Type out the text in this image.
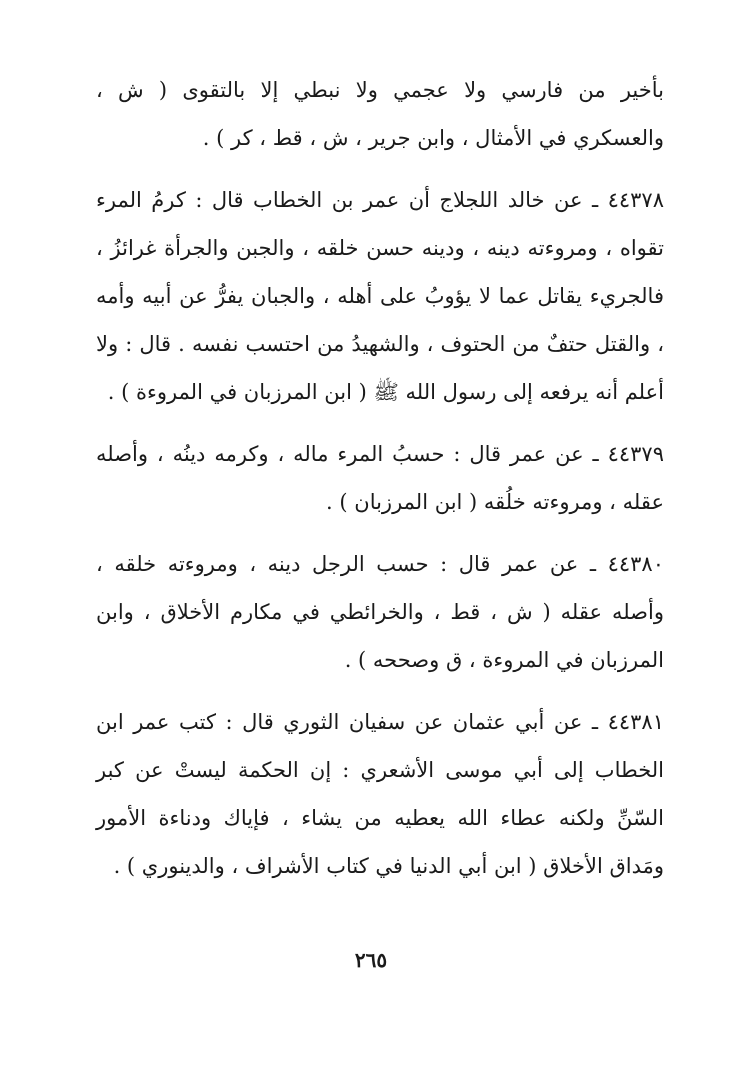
بأخير من فارسي ولا عجمي ولا نبطي إلا بالتقوى ( ش ، والعسكري في الأمثال ، وابن جرير ، ش ، قط ، كر ) .

٤٤٣٧٨ ـ عن خالد اللجلاج أن عمر بن الخطاب قال : كرمُ المرء تقواه ، ومروءته دينه ، ودينه حسن خلقه ، والجبن والجرأة غرائزُ ، فالجريء يقاتل عما لا يؤوبُ على أهله ، والجبان يفرُّ عن أبيه وأمه ، والقتل حتفٌ من الحتوف ، والشهيدُ من احتسب نفسه . قال : ولا أعلم أنه يرفعه إلى رسول الله ﷺ ( ابن المرزبان في المروءة ) .

٤٤٣٧٩ ـ عن عمر قال : حسبُ المرء ماله ، وكرمه دينُه ، وأصله عقله ، ومروءته خلُقه ( ابن المرزبان ) .

٤٤٣٨٠ ـ عن عمر قال : حسب الرجل دينه ، ومروءته خلقه ، وأصله عقله ( ش ، قط ، والخرائطي في مكارم الأخلاق ، وابن المرزبان في المروءة ، ق وصححه ) .

٤٤٣٨١ ـ عن أبي عثمان عن سفيان الثوري قال : كتب عمر ابن الخطاب إلى أبي موسى الأشعري : إن الحكمة ليستْ عن كبر السّنِّ ولكنه عطاء الله يعطيه من يشاء ، فإياك ودناءة الأمور ومَداق الأخلاق ( ابن أبي الدنيا في كتاب الأشراف ، والدينوري ) .

٢٦٥
